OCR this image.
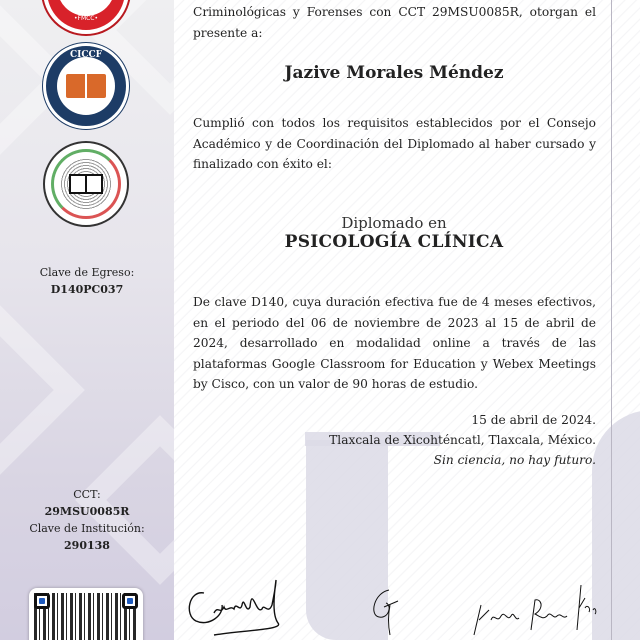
•FMCC•
CICCF
Clave de Egreso:
D140PC037
CCT:
29MSU0085R
Clave de Institución:
290138
Criminológicas y Forenses con CCT 29MSU0085R, otorgan el presente a:
Jazive Morales Méndez
Cumplió con todos los requisitos establecidos por el Consejo Académico y de Coordinación del Diplomado al haber cursado y finalizado con éxito el:
Diplomado en
PSICOLOGÍA CLÍNICA
De clave D140, cuya duración efectiva fue de 4 meses efectivos, en el periodo del 06 de noviembre de 2023 al 15 de abril de 2024, desarrollado en modalidad online a través de las plataformas Google Classroom for Education y Webex Meetings by Cisco, con un valor de 90 horas de estudio.
15 de abril de 2024.
Tlaxcala de Xicohténcatl, Tlaxcala, México.
Sin ciencia, no hay futuro.
